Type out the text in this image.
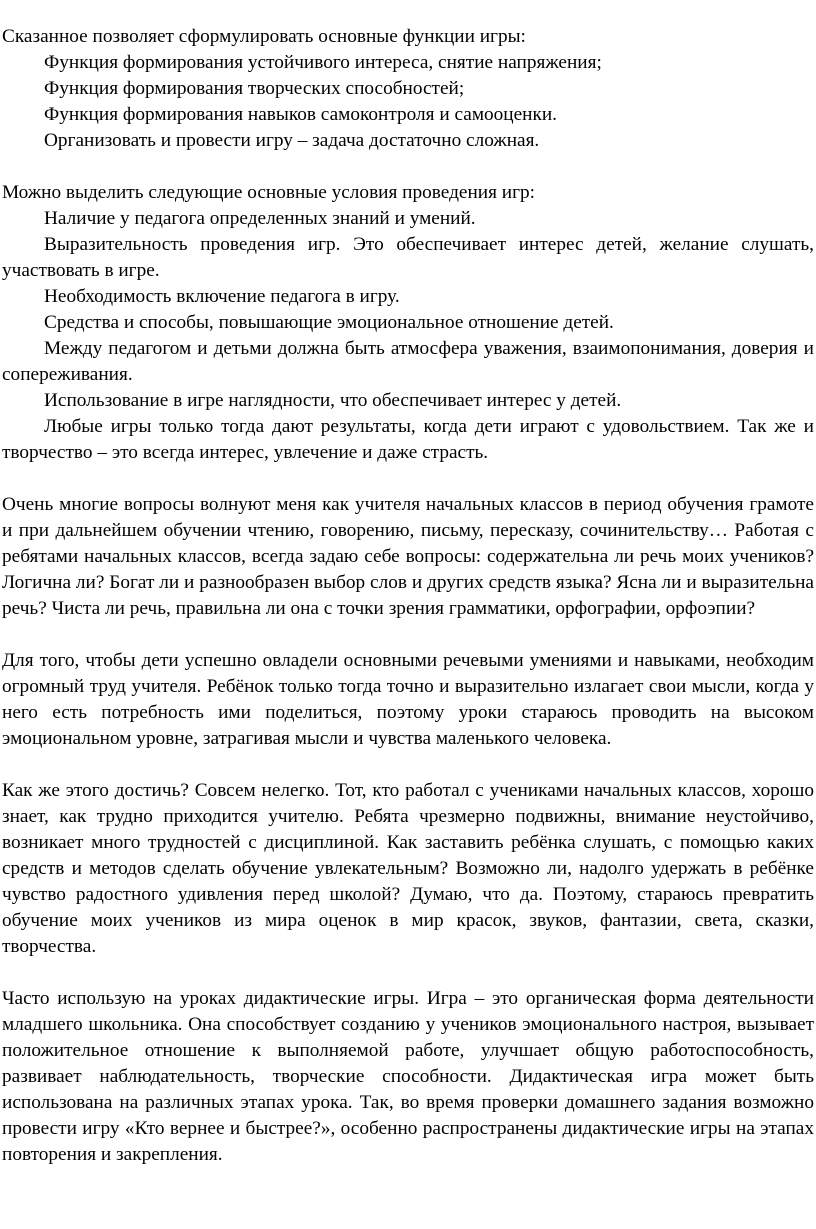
Сказанное позволяет сформулировать основные функции игры:

Функция формирования устойчивого интереса, снятие напряжения;

Функция формирования творческих способностей;

Функция формирования навыков самоконтроля и самооценки.

Организовать и провести игру – задача достаточно сложная.

Можно выделить следующие основные условия проведения игр:

Наличие у педагога определенных знаний и умений.

Выразительность проведения игр. Это обеспечивает интерес детей, желание слушать, участвовать в игре.

Необходимость включение педагога в игру.

Средства и способы, повышающие эмоциональное отношение детей.

Между педагогом и детьми должна быть атмосфера уважения, взаимопонимания, доверия и сопереживания.

Использование в игре наглядности, что обеспечивает интерес у детей.

Любые игры только тогда дают результаты, когда дети играют с удовольствием. Так же и творчество – это всегда интерес, увлечение и даже страсть.

Очень многие вопросы волнуют меня как учителя начальных классов в период обучения грамоте и при дальнейшем обучении чтению, говорению, письму, пересказу, сочинительству… Работая с ребятами начальных классов, всегда задаю себе вопросы: содержательна ли речь моих учеников? Логична ли? Богат ли и разнообразен выбор слов и других средств языка? Ясна ли и выразительна речь? Чиста ли речь, правильна ли она с точки зрения грамматики, орфографии, орфоэпии?

Для того, чтобы дети успешно овладели основными речевыми умениями и навыками, необходим огромный труд учителя. Ребёнок только тогда точно и выразительно излагает свои мысли, когда у него есть потребность ими поделиться, поэтому уроки стараюсь проводить на высоком эмоциональном уровне, затрагивая мысли и чувства маленького человека.

Как же этого достичь? Совсем нелегко. Тот, кто работал с учениками начальных классов, хорошо знает, как трудно приходится учителю. Ребята чрезмерно подвижны, внимание неустойчиво, возникает много трудностей с дисциплиной. Как заставить ребёнка слушать, с помощью каких средств и методов сделать обучение увлекательным? Возможно ли, надолго удержать в ребёнке чувство радостного удивления перед школой? Думаю, что да. Поэтому, стараюсь превратить обучение моих учеников из мира оценок в мир красок, звуков, фантазии, света, сказки, творчества.

Часто использую на уроках дидактические игры. Игра – это органическая форма деятельности младшего школьника. Она способствует созданию у учеников эмоционального настроя, вызывает положительное отношение к выполняемой работе, улучшает общую работоспособность, развивает наблюдательность, творческие способности. Дидактическая игра может быть использована на различных этапах урока. Так, во время проверки домашнего задания возможно провести игру «Кто вернее и быстрее?», особенно распространены дидактические игры на этапах повторения и закрепления.
